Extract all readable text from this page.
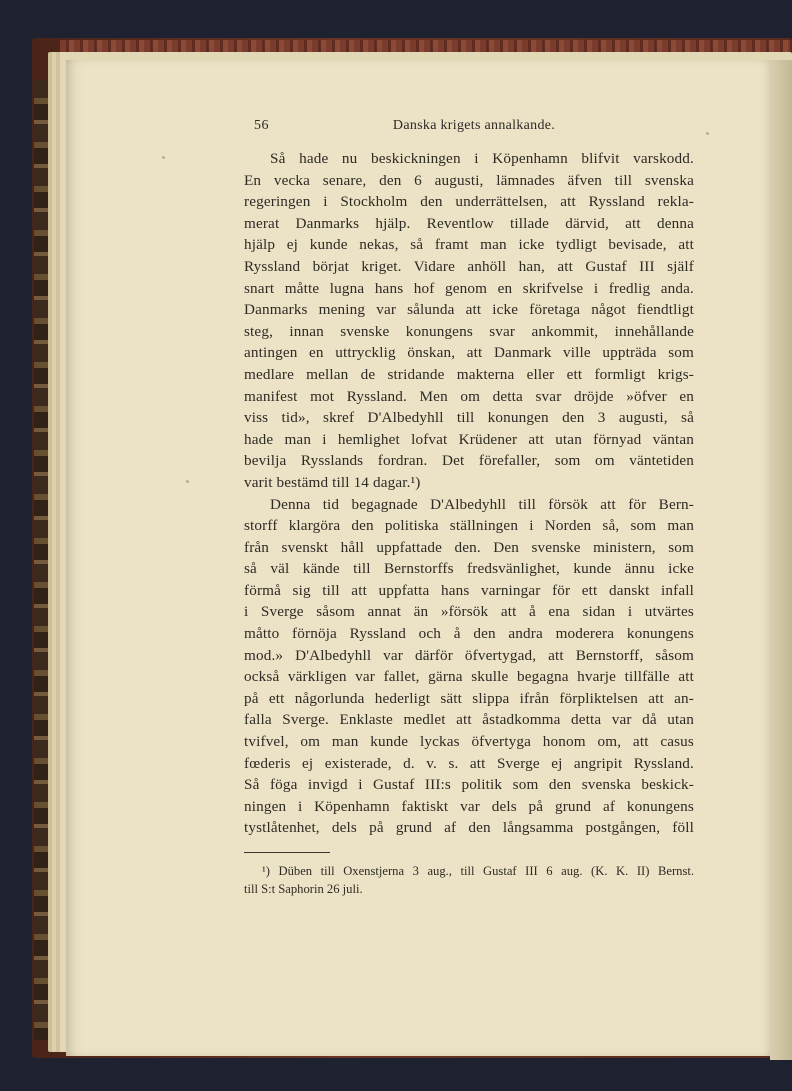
56	Danska krigets annalkande.
Så hade nu beskickningen i Köpenhamn blifvit varskodd.
En vecka senare, den 6 augusti, lämnades äfven till svenska
regeringen i Stockholm den underrättelsen, att Ryssland rekla-
merat Danmarks hjälp. Reventlow tillade därvid, att denna
hjälp ej kunde nekas, så framt man icke tydligt bevisade, att
Ryssland börjat kriget. Vidare anhöll han, att Gustaf III själf
snart måtte lugna hans hof genom en skrifvelse i fredlig anda.
Danmarks mening var sålunda att icke företaga något fiendtligt
steg, innan svenske konungens svar ankommit, innehållande
antingen en uttrycklig önskan, att Danmark ville uppträda som
medlare mellan de stridande makterna eller ett formligt krigs-
manifest mot Ryssland. Men om detta svar dröjde »öfver en
viss tid», skref D'Albedyhll till konungen den 3 augusti, så
hade man i hemlighet lofvat Krüdener att utan förnyad väntan
bevilja Rysslands fordran. Det förefaller, som om väntetiden
varit bestämd till 14 dagar.¹)
Denna tid begagnade D'Albedyhll till försök att för Bern-
storff klargöra den politiska ställningen i Norden så, som man
från svenskt håll uppfattade den. Den svenske ministern, som
så väl kände till Bernstorffs fredsvänlighet, kunde ännu icke
förmå sig till att uppfatta hans varningar för ett danskt infall
i Sverge såsom annat än »försök att å ena sidan i utvärtes
måtto förnöja Ryssland och å den andra moderera konungens
mod.» D'Albedyhll var därför öfvertygad, att Bernstorff, såsom
också värkligen var fallet, gärna skulle begagna hvarje tillfälle att
på ett någorlunda hederligt sätt slippa ifrån förpliktelsen att an-
falla Sverge. Enklaste medlet att åstadkomma detta var då utan
tvifvel, om man kunde lyckas öfvertyga honom om, att casus
fœderis ej existerade, d. v. s. att Sverge ej angripit Ryssland.
Så föga invigd i Gustaf III:s politik som den svenska beskick-
ningen i Köpenhamn faktiskt var dels på grund af konungens
tystlåtenhet, dels på grund af den långsamma postgången, föll
¹) Düben till Oxenstjerna 3 aug., till Gustaf III 6 aug. (K. K. II) Bernst.
till S:t Saphorin 26 juli.
